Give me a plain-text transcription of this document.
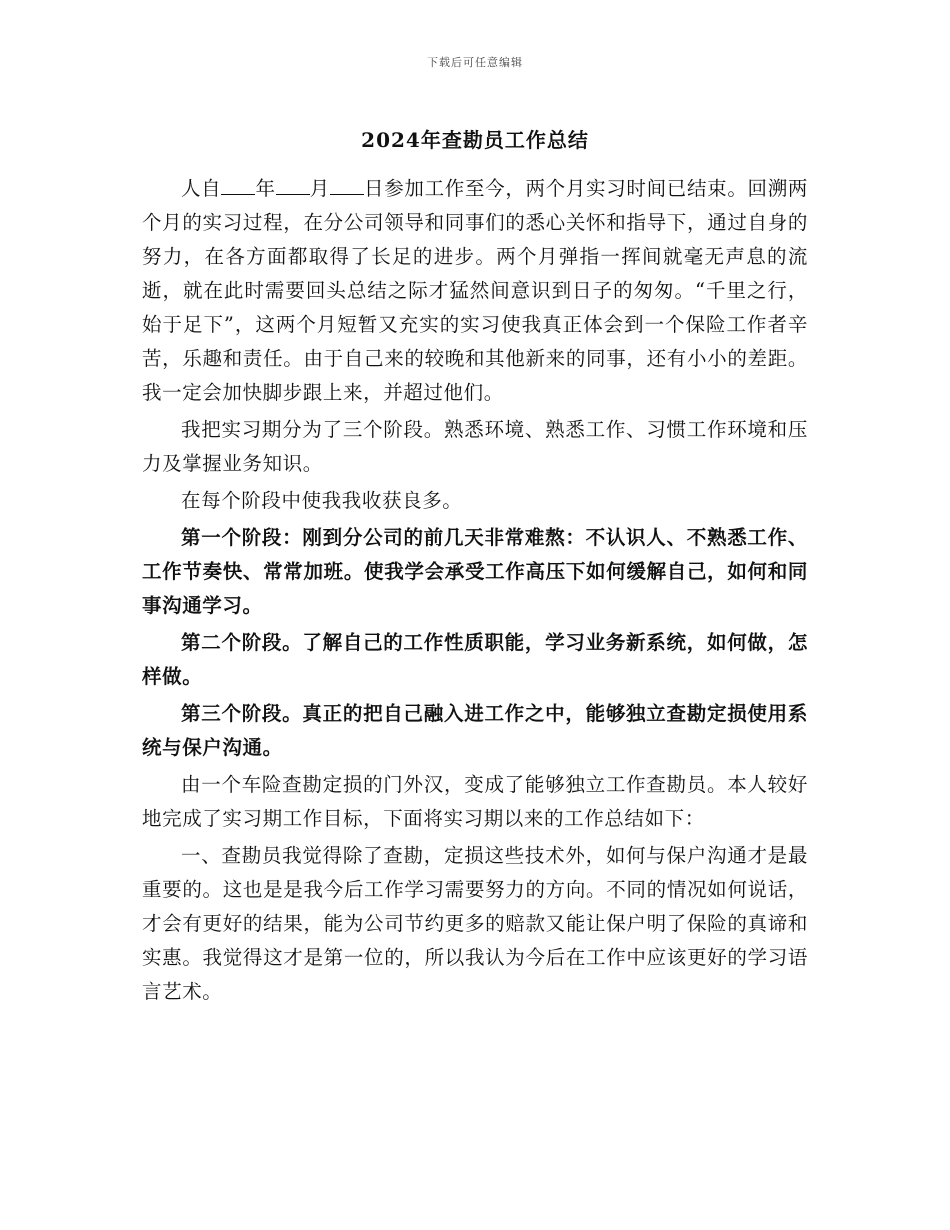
下载后可任意编辑
2024年查勘员工作总结

人自 年 月 日参加工作至今，两个月实习时间已结束。回溯两个月的实习过程，在分公司领导和同事们的悉心关怀和指导下，通过自身的努力，在各方面都取得了长足的进步。两个月弹指一挥间就毫无声息的流逝，就在此时需要回头总结之际才猛然间意识到日子的匆匆。“千里之行，始于足下”，这两个月短暂又充实的实习使我真正体会到一个保险工作者辛苦，乐趣和责任。由于自己来的较晚和其他新来的同事，还有小小的差距。我一定会加快脚步跟上来，并超过他们。

我把实习期分为了三个阶段。熟悉环境、熟悉工作、习惯工作环境和压力及掌握业务知识。

在每个阶段中使我我收获良多。

第一个阶段：刚到分公司的前几天非常难熬：不认识人、不熟悉工作、工作节奏快、常常加班。使我学会承受工作高压下如何缓解自己，如何和同事沟通学习。

第二个阶段。了解自己的工作性质职能，学习业务新系统，如何做，怎样做。

第三个阶段。真正的把自己融入进工作之中，能够独立查勘定损使用系统与保户沟通。

由一个车险查勘定损的门外汉，变成了能够独立工作查勘员。本人较好地完成了实习期工作目标，下面将实习期以来的工作总结如下：

一、查勘员我觉得除了查勘，定损这些技术外，如何与保户沟通才是最重要的。这也是是我今后工作学习需要努力的方向。不同的情况如何说话，才会有更好的结果，能为公司节约更多的赔款又能让保户明了保险的真谛和实惠。我觉得这才是第一位的，所以我认为今后在工作中应该更好的学习语言艺术。
